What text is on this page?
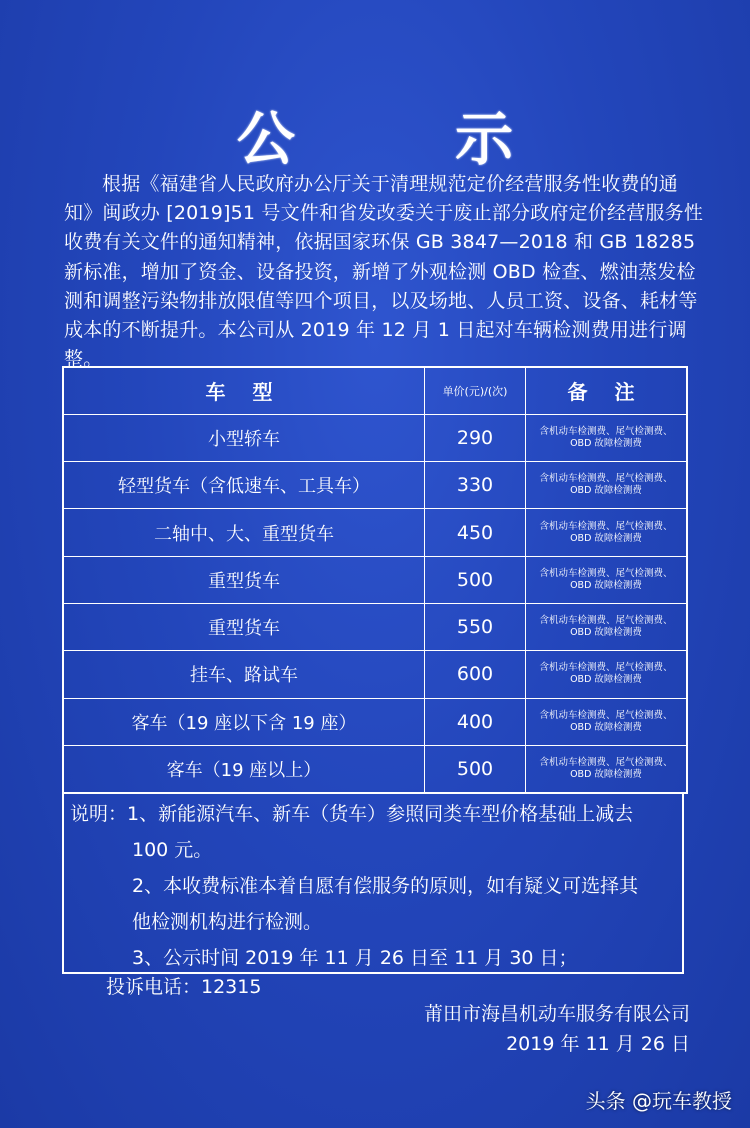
公 示

根据《福建省人民政府办公厅关于清理规范定价经营服务性收费的通知》闽政办 [2019]51 号文件和省发改委关于废止部分政府定价经营服务性收费有关文件的通知精神，依据国家环保 GB 3847—2018 和 GB 18285 新标准，增加了资金、设备投资，新增了外观检测 OBD 检查、燃油蒸发检测和调整污染物排放限值等四个项目，以及场地、人员工资、设备、耗材等成本的不断提升。本公司从 2019 年 12 月 1 日起对车辆检测费用进行调整。

车 型	单价(元)/(次)	备 注
小型轿车	290	含机动车检测费、尾气检测费、
OBD 故障检测费

轻型货车（含低速车、工具车）	330	含机动车检测费、尾气检测费、
OBD 故障检测费

二轴中、大、重型货车	450	含机动车检测费、尾气检测费、
OBD 故障检测费

重型货车	500	含机动车检测费、尾气检测费、
OBD 故障检测费

重型货车	550	含机动车检测费、尾气检测费、
OBD 故障检测费

挂车、路试车	600	含机动车检测费、尾气检测费、
OBD 故障检测费

客车（19 座以下含 19 座）	400	含机动车检测费、尾气检测费、
OBD 故障检测费

客车（19 座以上）	500	含机动车检测费、尾气检测费、
OBD 故障检测费
说明：1、新能源汽车、新车（货车）参照同类车型价格基础上减去
100 元。
2、本收费标准本着自愿有偿服务的原则，如有疑义可选择其
他检测机构进行检测。
3、公示时间 2019 年 11 月 26 日至 11 月 30 日；
投诉电话：12315
莆田市海昌机动车服务有限公司
2019 年 11 月 26 日
头条 @玩车教授
